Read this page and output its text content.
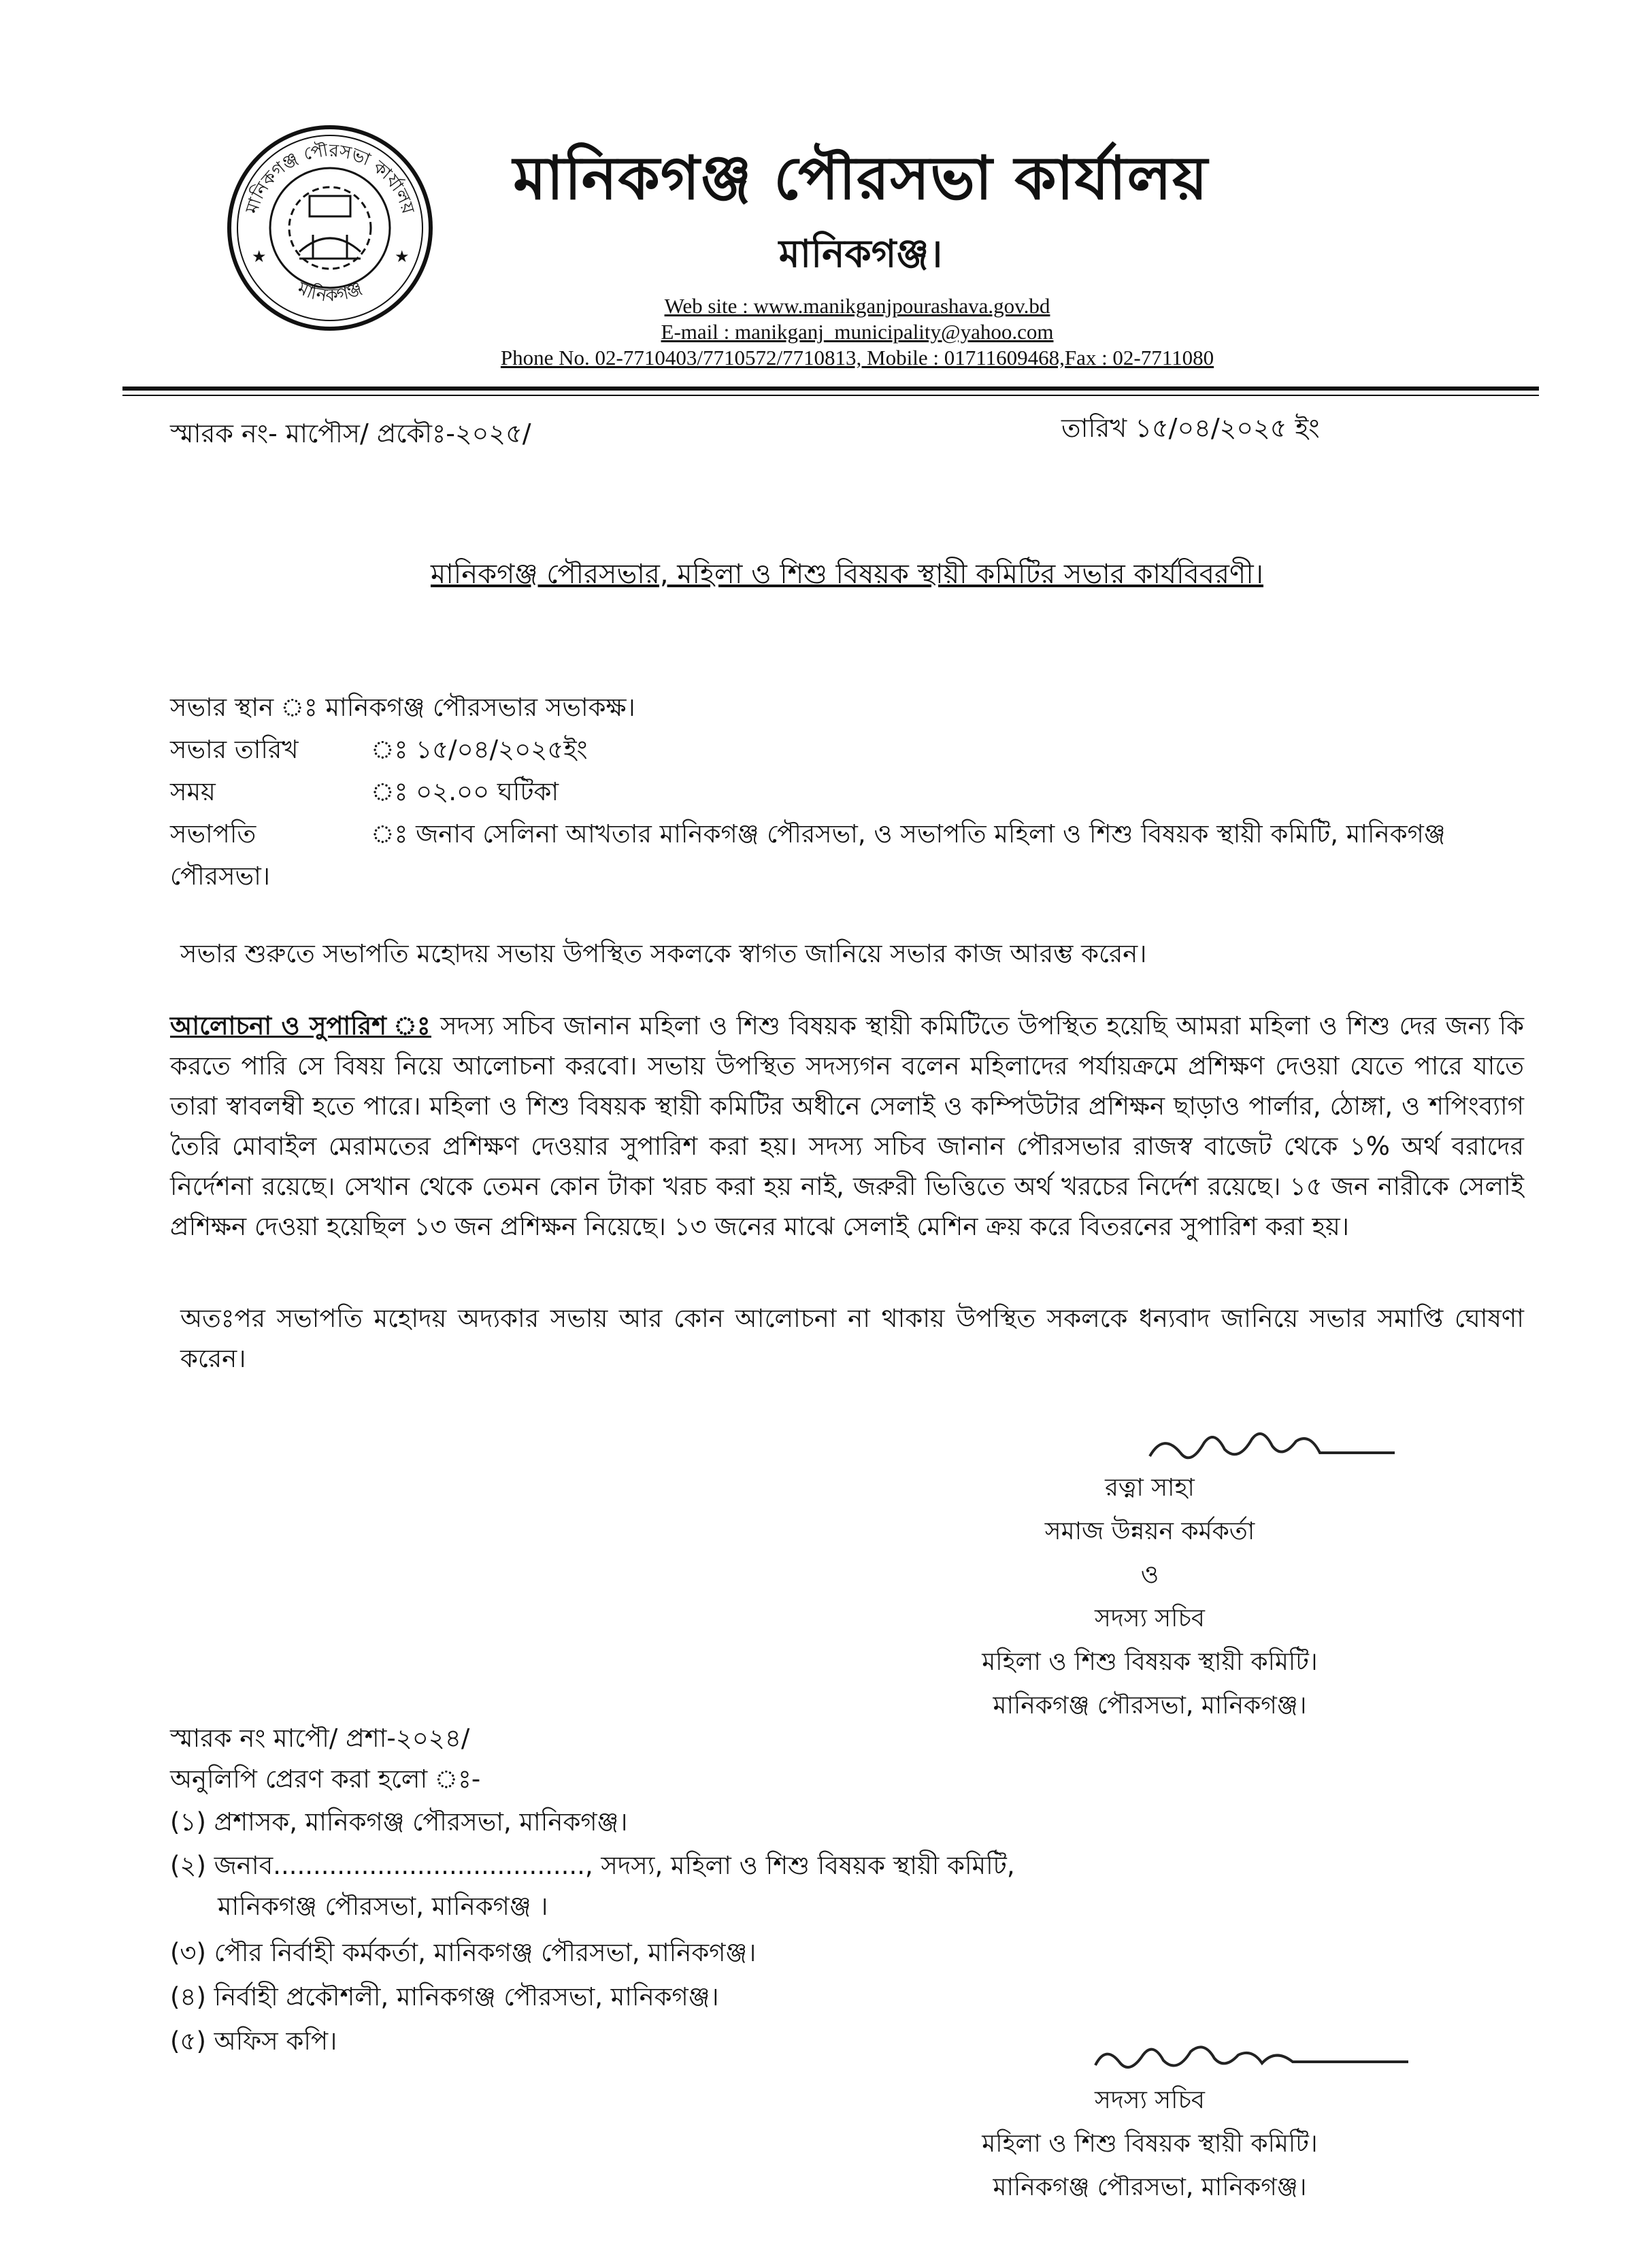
মানিকগঞ্জ পৌরসভা কার্যালয়
মানিকগঞ্জ
★	★
মানিকগঞ্জ পৌরসভা কার্যালয়
মানিকগঞ্জ।
Web site : www.manikganjpourashava.gov.bd
E-mail : manikganj_municipality@yahoo.com
Phone No. 02-7710403/7710572/7710813, Mobile : 01711609468,Fax : 02-7711080
স্মারক নং- মাপৌস/ প্রকৌঃ-২০২৫/	তারিখ ১৫/০৪/২০২৫ ইং
মানিকগঞ্জ পৌরসভার, মহিলা ও শিশু বিষয়ক স্থায়ী কমিটির সভার কার্যবিবরণী।
সভার স্থান ঃ মানিকগঞ্জ পৌরসভার সভাকক্ষ।
সভার তারিখ	ঃ ১৫/০৪/২০২৫ইং
সময়	ঃ ০২.০০ ঘটিকা
সভাপতি	ঃ জনাব সেলিনা আখতার মানিকগঞ্জ পৌরসভা, ও সভাপতি মহিলা ও শিশু বিষয়ক স্থায়ী কমিটি, মানিকগঞ্জ
পৌরসভা।
সভার শুরুতে সভাপতি মহোদয় সভায় উপস্থিত সকলকে স্বাগত জানিয়ে সভার কাজ আরম্ভ করেন।
আলোচনা ও সুপারিশ ঃ সদস্য সচিব জানান মহিলা ও শিশু বিষয়ক স্থায়ী কমিটিতে উপস্থিত হয়েছি আমরা মহিলা ও শিশু দের জন্য কি করতে পারি সে বিষয় নিয়ে আলোচনা করবো। সভায় উপস্থিত সদস্যগন বলেন মহিলাদের পর্যায়ক্রমে প্রশিক্ষণ দেওয়া যেতে পারে যাতে তারা স্বাবলম্বী হতে পারে। মহিলা ও শিশু বিষয়ক স্থায়ী কমিটির অধীনে সেলাই ও কম্পিউটার প্রশিক্ষন ছাড়াও পার্লার, ঠোঙ্গা, ও শপিংব্যাগ তৈরি মোবাইল মেরামতের প্রশিক্ষণ দেওয়ার সুপারিশ করা হয়। সদস্য সচিব জানান পৌরসভার রাজস্ব বাজেট থেকে ১% অর্থ বরাদের নির্দেশনা রয়েছে। সেখান থেকে তেমন কোন টাকা খরচ করা হয় নাই, জরুরী ভিত্তিতে অর্থ খরচের নির্দেশ রয়েছে। ১৫ জন নারীকে সেলাই প্রশিক্ষন দেওয়া হয়েছিল ১৩ জন প্রশিক্ষন নিয়েছে। ১৩ জনের মাঝে সেলাই মেশিন ক্রয় করে বিতরনের সুপারিশ করা হয়।
অতঃপর সভাপতি মহোদয় অদ্যকার সভায় আর কোন আলোচনা না থাকায় উপস্থিত সকলকে ধন্যবাদ জানিয়ে সভার সমাপ্তি ঘোষণা করেন।
রত্না সাহা
সমাজ উন্নয়ন কর্মকর্তা
ও
সদস্য সচিব
মহিলা ও শিশু বিষয়ক স্থায়ী কমিটি।
মানিকগঞ্জ পৌরসভা, মানিকগঞ্জ।
স্মারক নং মাপৌ/ প্রশা-২০২৪/
অনুলিপি প্রেরণ করা হলো ঃ-
(১) প্রশাসক, মানিকগঞ্জ পৌরসভা, মানিকগঞ্জ।
(২) জনাব......................................., সদস্য, মহিলা ও শিশু বিষয়ক স্থায়ী কমিটি,
মানিকগঞ্জ পৌরসভা, মানিকগঞ্জ ।
(৩) পৌর নির্বাহী কর্মকর্তা, মানিকগঞ্জ পৌরসভা, মানিকগঞ্জ।
(৪) নির্বাহী প্রকৌশলী, মানিকগঞ্জ পৌরসভা, মানিকগঞ্জ।
(৫) অফিস কপি।
সদস্য সচিব
মহিলা ও শিশু বিষয়ক স্থায়ী কমিটি।
মানিকগঞ্জ পৌরসভা, মানিকগঞ্জ।
